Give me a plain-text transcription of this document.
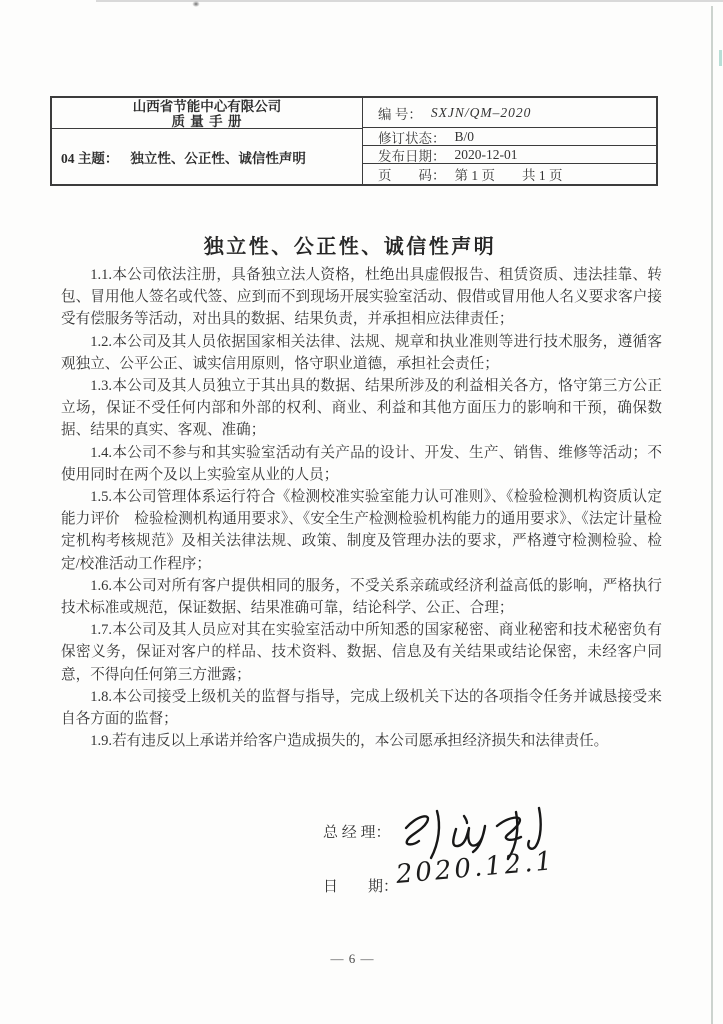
山西省节能中心有限公司
质 量 手 册
04 主题： 独立性、公正性、诚信性声明
编 号： SXJN/QM–2020
修订状态： B/0
发布日期： 2020-12-01
页　　码： 第 1 页　　共 1 页
独立性、公正性、诚信性声明

1.1.本公司依法注册，具备独立法人资格，杜绝出具虚假报告、租赁资质、违法挂靠、转包、冒用他人签名或代签、应到而不到现场开展实验室活动、假借或冒用他人名义要求客户接受有偿服务等活动，对出具的数据、结果负责，并承担相应法律责任；

1.2.本公司及其人员依据国家相关法律、法规、规章和执业准则等进行技术服务，遵循客观独立、公平公正、诚实信用原则，恪守职业道德，承担社会责任；

1.3.本公司及其人员独立于其出具的数据、结果所涉及的利益相关各方，恪守第三方公正立场，保证不受任何内部和外部的权利、商业、利益和其他方面压力的影响和干预，确保数据、结果的真实、客观、准确；

1.4.本公司不参与和其实验室活动有关产品的设计、开发、生产、销售、维修等活动；不使用同时在两个及以上实验室从业的人员；

1.5.本公司管理体系运行符合《检测校准实验室能力认可准则》、《检验检测机构资质认定能力评价　检验检测机构通用要求》、《安全生产检测检验机构能力的通用要求》、《法定计量检定机构考核规范》及相关法律法规、政策、制度及管理办法的要求，严格遵守检测检验、检定/校准活动工作程序；

1.6.本公司对所有客户提供相同的服务，不受关系亲疏或经济利益高低的影响，严格执行技术标准或规范，保证数据、结果准确可靠，结论科学、公正、合理；

1.7.本公司及其人员应对其在实验室活动中所知悉的国家秘密、商业秘密和技术秘密负有保密义务，保证对客户的样品、技术资料、数据、信息及有关结果或结论保密，未经客户同意，不得向任何第三方泄露；

1.8.本公司接受上级机关的监督与指导，完成上级机关下达的各项指令任务并诚恳接受来自各方面的监督；

1.9.若有违反以上承诺并给客户造成损失的，本公司愿承担经济损失和法律责任。

总 经 理：
日　　期：
2020.12.1
— 6 —
